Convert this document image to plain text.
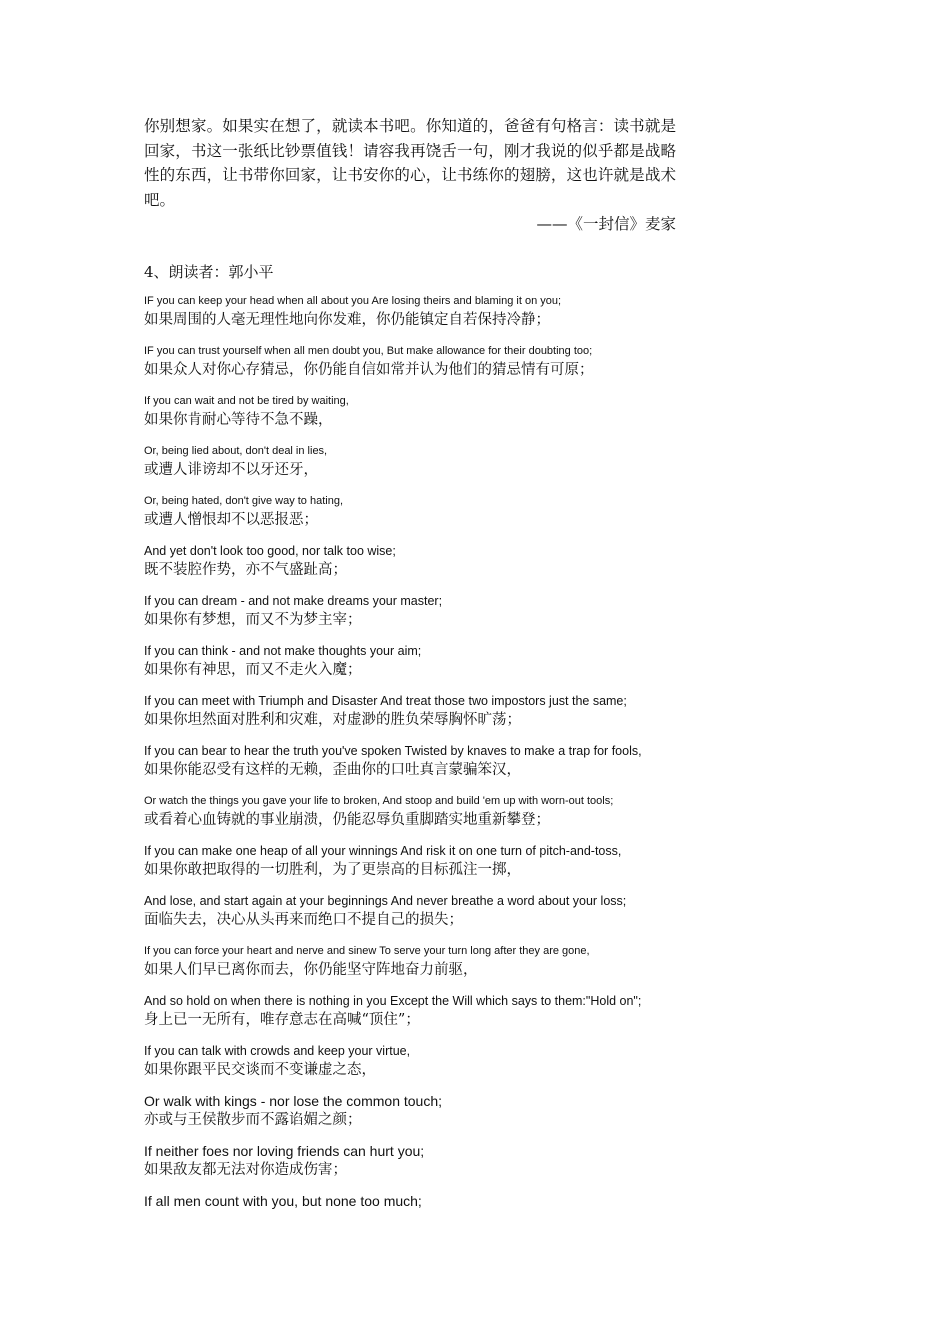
你别想家。如果实在想了，就读本书吧。你知道的，爸爸有句格言：读书就是回家，书这一张纸比钞票值钱！请容我再饶舌一句，刚才我说的似乎都是战略性的东西，让书带你回家，让书安你的心，让书练你的翅膀，这也许就是战术吧。

——《一封信》麦家

4、朗读者：郭小平

IF you can keep your head when all about you Are losing theirs and blaming it on you;

如果周围的人毫无理性地向你发难，你仍能镇定自若保持冷静；

IF you can trust yourself when all men doubt you, But make allowance for their doubting too;

如果众人对你心存猜忌，你仍能自信如常并认为他们的猜忌情有可原；

If you can wait and not be tired by waiting,

如果你肯耐心等待不急不躁，

Or, being lied about, don't deal in lies,

或遭人诽谤却不以牙还牙，

Or, being hated, don't give way to hating,

或遭人憎恨却不以恶报恶；

And yet don't look too good, nor talk too wise;

既不装腔作势，亦不气盛趾高；

If you can dream - and not make dreams your master;

如果你有梦想，而又不为梦主宰；

If you can think - and not make thoughts your aim;

如果你有神思，而又不走火入魔；

If you can meet with Triumph and Disaster And treat those two impostors just the same;

如果你坦然面对胜利和灾难，对虚渺的胜负荣辱胸怀旷荡；

If you can bear to hear the truth you've spoken Twisted by knaves to make a trap for fools,

如果你能忍受有这样的无赖，歪曲你的口吐真言蒙骗笨汉，

Or watch the things you gave your life to broken, And stoop and build 'em up with worn-out tools;

或看着心血铸就的事业崩溃，仍能忍辱负重脚踏实地重新攀登；

If you can make one heap of all your winnings And risk it on one turn of pitch-and-toss,

如果你敢把取得的一切胜利，为了更崇高的目标孤注一掷，

And lose, and start again at your beginnings And never breathe a word about your loss;

面临失去，决心从头再来而绝口不提自己的损失；

If you can force your heart and nerve and sinew To serve your turn long after they are gone,

如果人们早已离你而去，你仍能坚守阵地奋力前驱，

And so hold on when there is nothing in you Except the Will which says to them:"Hold on";

身上已一无所有，唯存意志在高喊“顶住”；

If you can talk with crowds and keep your virtue,

如果你跟平民交谈而不变谦虚之态，

Or walk with kings - nor lose the common touch;

亦或与王侯散步而不露谄媚之颜；

If neither foes nor loving friends can hurt you;

如果敌友都无法对你造成伤害；

If all men count with you, but none too much;
